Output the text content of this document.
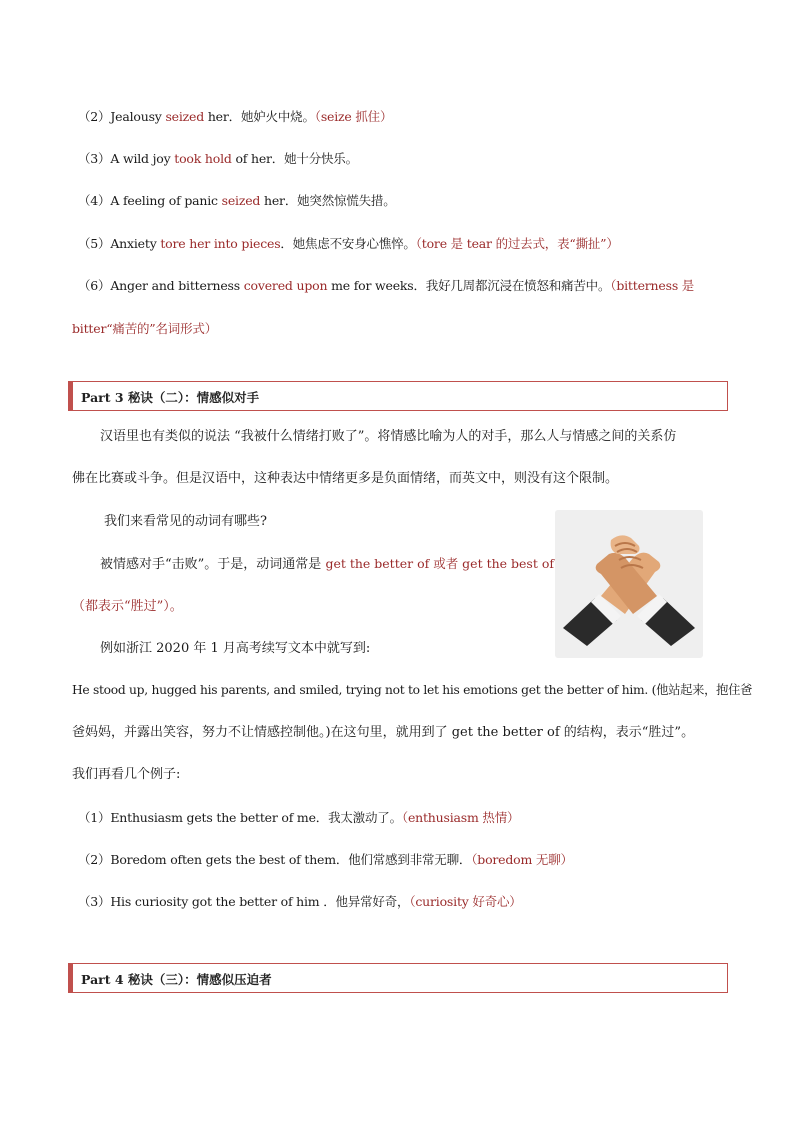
（2）Jealousy seized her．她妒火中烧。（seize 抓住）
（3）A wild joy took hold of her．她十分快乐。
（4）A feeling of panic seized her．她突然惊慌失措。
（5）Anxiety tore her into pieces．她焦虑不安身心憔悴。（tore 是 tear 的过去式，表“撕扯”）
（6）Anger and bitterness covered upon me for weeks．我好几周都沉浸在愤怒和痛苦中。（bitterness 是
bitter“痛苦的”名词形式）
Part 3 秘诀（二）：情感似对手
汉语里也有类似的说法 “我被什么情绪打败了”。将情感比喻为人的对手，那么人与情感之间的关系仿
佛在比赛或斗争。但是汉语中，这种表达中情绪更多是负面情绪，而英文中，则没有这个限制。
我们来看常见的动词有哪些?
被情感对手“击败”。于是，动词通常是 get the better of 或者 get the best of
（都表示“胜过”）。
例如浙江 2020 年 1 月高考续写文本中就写到:
He stood up, hugged his parents, and smiled, trying not to let his emotions get the better of him. (他站起来，抱住爸
爸妈妈，并露出笑容，努力不让情感控制他。)在这句里，就用到了 get the better of 的结构，表示“胜过”。
我们再看几个例子:
（1）Enthusiasm gets the better of me．我太激动了。（enthusiasm 热情）
（2）Boredom often gets the best of them．他们常感到非常无聊．（boredom 无聊）
（3）His curiosity got the better of him ．他异常好奇，（curiosity 好奇心）
Part 4 秘诀（三）：情感似压迫者
